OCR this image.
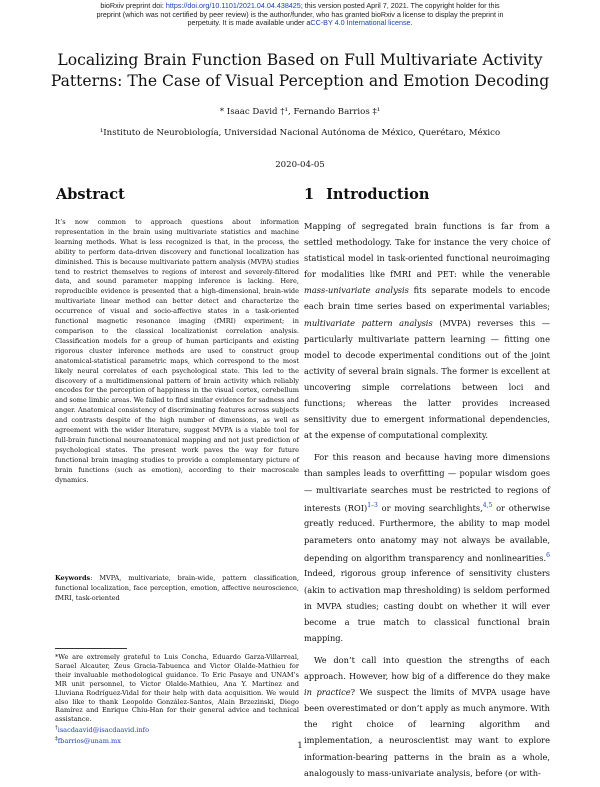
bioRxiv preprint doi: https://doi.org/10.1101/2021.04.04.438425; this version posted April 7, 2021. The copyright holder for this preprint (which was not certified by peer review) is the author/funder, who has granted bioRxiv a license to display the preprint in perpetuity. It is made available under aCC-BY 4.0 International license.
Localizing Brain Function Based on Full Multivariate Activity Patterns: The Case of Visual Perception and Emotion Decoding
* Isaac David †¹, Fernando Barrios ‡¹
¹Instituto de Neurobiología, Universidad Nacional Autónoma de México, Querétaro, México
2020-04-05
Abstract
It’s now common to approach questions about information representation in the brain using multivariate statistics and machine learning methods. What is less recognized is that, in the process, the ability to perform data-driven discovery and functional localization has diminished. This is because multivariate pattern analysis (MVPA) studies tend to restrict themselves to regions of interest and severely-filtered data, and sound parameter mapping inference is lacking. Here, reproducible evidence is presented that a high-dimensional, brain-wide multivariate linear method can better detect and characterize the occurrence of visual and socio-affective states in a task-oriented functional magnetic resonance imaging (fMRI) experiment; in comparison to the classical localizationist correlation analysis. Classification models for a group of human participants and existing rigorous cluster inference methods are used to construct group anatomical-statistical parametric maps, which correspond to the most likely neural correlates of each psychological state. This led to the discovery of a multidimensional pattern of brain activity which reliably encodes for the perception of happiness in the visual cortex, cerebellum and some limbic areas. We failed to find similar evidence for sadness and anger. Anatomical consistency of discriminating features across subjects and contrasts despite of the high number of dimensions, as well as agreement with the wider literature, suggest MVPA is a viable tool for full-brain functional neuroanatomical mapping and not just prediction of psychological states. The present work paves the way for future functional brain imaging studies to provide a complementary picture of brain functions (such as emotion), according to their macroscale dynamics.
Keywords: MVPA, multivariate, brain-wide, pattern classification, functional localization, face perception, emotion, affective neuroscience, fMRI, task-oriented
*We are extremely grateful to Luis Concha, Eduardo Garza-Villarreal, Sarael Alcauter, Zeus Gracia-Tabuenca and Victor Olalde-Mathieu for their invaluable methodological guidance. To Eric Pasaye and UNAM’s MR unit personnel, to Victor Olalde-Mathieu, Ana Y. Martínez and Lluviana Rodríguez-Vidal for their help with data acquisition. We would also like to thank Leopoldo González-Santos, Alain Brzezinski, Diego Ramírez and Enrique Chiu-Han for their general advice and technical assistance.
†isacdaavid@isacdaavid.info
‡fbarrios@unam.mx
1 Introduction

Mapping of segregated brain functions is far from a settled methodology. Take for instance the very choice of statistical model in task-oriented functional neuroimaging for modalities like fMRI and PET: while the venerable mass-univariate analysis fits separate models to encode each brain time series based on experimental variables; multivariate pattern analysis (MVPA) reverses this — particularly multivariate pattern learning — fitting one model to decode experimental conditions out of the joint activity of several brain signals. The former is excellent at uncovering simple correlations between loci and functions; whereas the latter provides increased sensitivity due to emergent informational dependencies, at the expense of computational complexity.

For this reason and because having more dimensions than samples leads to overfitting — popular wisdom goes — multivariate searches must be restricted to regions of interests (ROI)$^{1-3}$ or moving searchlights,$^{4,5}$ or otherwise greatly reduced. Furthermore, the ability to map model parameters onto anatomy may not always be available, depending on algorithm transparency and nonlinearities.$^6$ Indeed, rigorous group inference of sensitivity clusters (akin to activation map thresholding) is seldom performed in MVPA studies; casting doubt on whether it will ever become a true match to classical functional brain mapping.

We don’t call into question the strengths of each approach. However, how big of a difference do they make in practice? We suspect the limits of MVPA usage have been overestimated or don’t apply as much anymore. With the right choice of learning algorithm and implementation, a neuroscientist may want to explore information-bearing patterns in the brain as a whole, analogously to mass-univariate analysis, before (or with-

1
